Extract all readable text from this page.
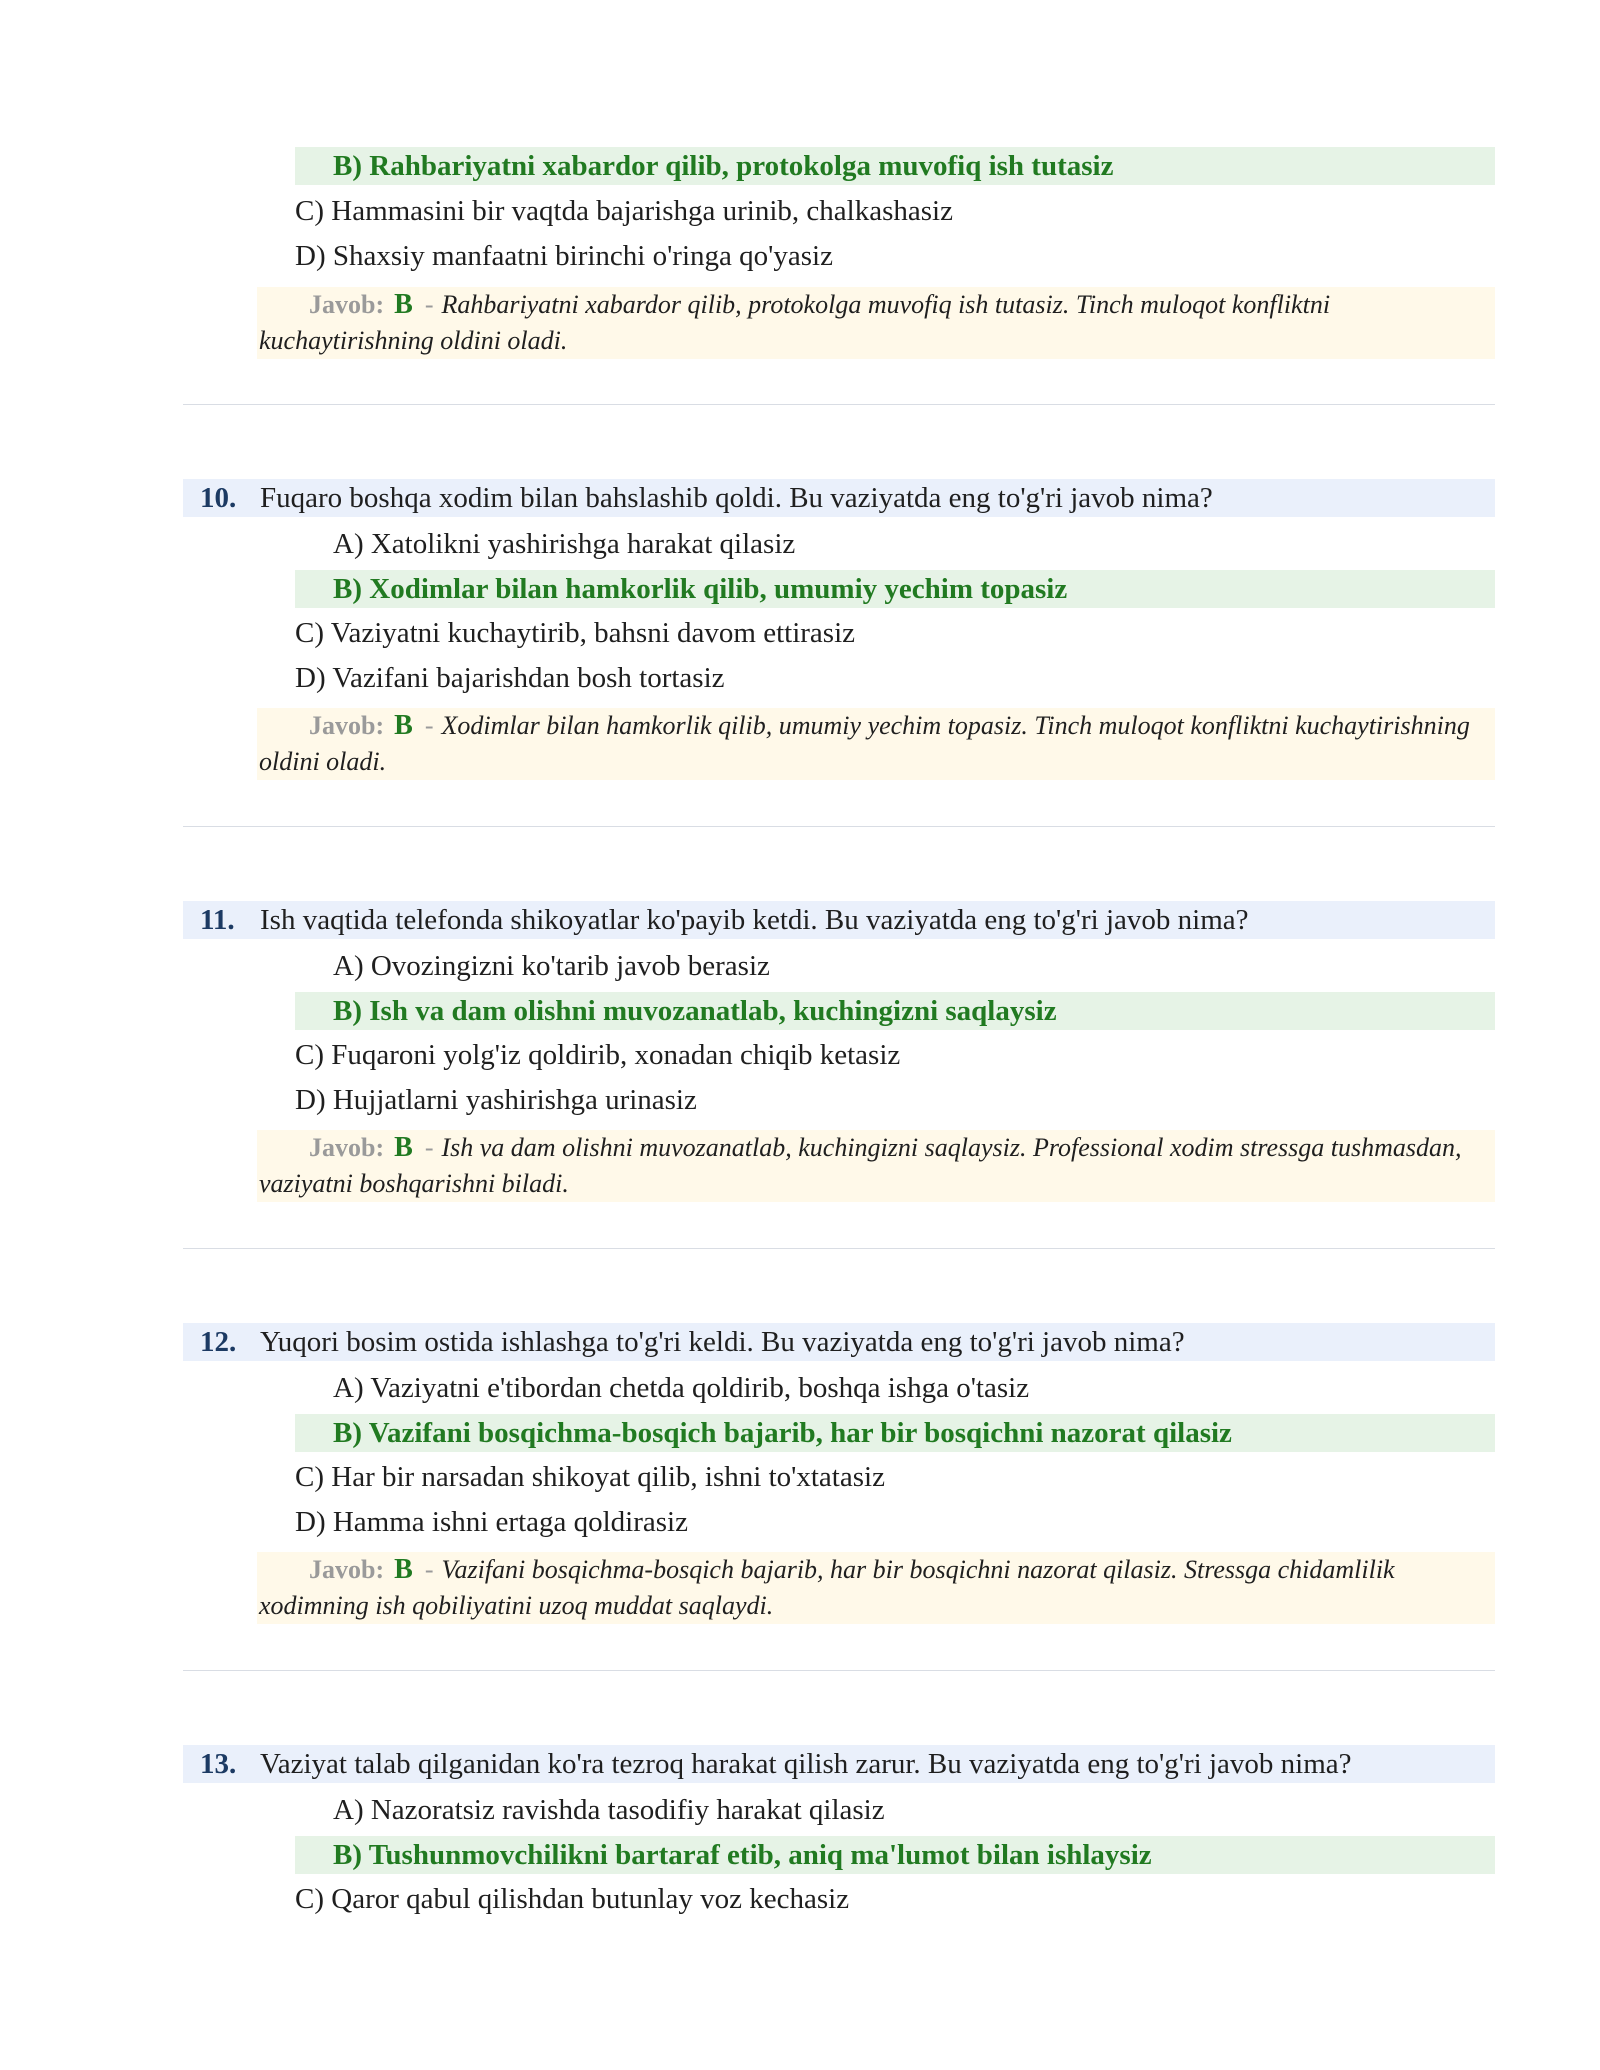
B) Rahbariyatni xabardor qilib, protokolga muvofiq ish tutasiz
C) Hammasini bir vaqtda bajarishga urinib, chalkashasiz
D) Shaxsiy manfaatni birinchi o'ringa qo'yasiz
Javob: B - Rahbariyatni xabardor qilib, protokolga muvofiq ish tutasiz. Tinch muloqot konfliktni kuchaytirishning oldini oladi.
10. Fuqaro boshqa xodim bilan bahslashib qoldi. Bu vaziyatda eng to'g'ri javob nima?
A) Xatolikni yashirishga harakat qilasiz
B) Xodimlar bilan hamkorlik qilib, umumiy yechim topasiz
C) Vaziyatni kuchaytirib, bahsni davom ettirasiz
D) Vazifani bajarishdan bosh tortasiz
Javob: B - Xodimlar bilan hamkorlik qilib, umumiy yechim topasiz. Tinch muloqot konfliktni kuchaytirishning oldini oladi.
11. Ish vaqtida telefonda shikoyatlar ko'payib ketdi. Bu vaziyatda eng to'g'ri javob nima?
A) Ovozingizni ko'tarib javob berasiz
B) Ish va dam olishni muvozanatlab, kuchingizni saqlaysiz
C) Fuqaroni yolg'iz qoldirib, xonadan chiqib ketasiz
D) Hujjatlarni yashirishga urinasiz
Javob: B - Ish va dam olishni muvozanatlab, kuchingizni saqlaysiz. Professional xodim stressga tushmasdan, vaziyatni boshqarishni biladi.
12. Yuqori bosim ostida ishlashga to'g'ri keldi. Bu vaziyatda eng to'g'ri javob nima?
A) Vaziyatni e'tibordan chetda qoldirib, boshqa ishga o'tasiz
B) Vazifani bosqichma-bosqich bajarib, har bir bosqichni nazorat qilasiz
C) Har bir narsadan shikoyat qilib, ishni to'xtatasiz
D) Hamma ishni ertaga qoldirasiz
Javob: B - Vazifani bosqichma-bosqich bajarib, har bir bosqichni nazorat qilasiz. Stressga chidamlilik xodimning ish qobiliyatini uzoq muddat saqlaydi.
13. Vaziyat talab qilganidan ko'ra tezroq harakat qilish zarur. Bu vaziyatda eng to'g'ri javob nima?
A) Nazoratsiz ravishda tasodifiy harakat qilasiz
B) Tushunmovchilikni bartaraf etib, aniq ma'lumot bilan ishlaysiz
C) Qaror qabul qilishdan butunlay voz kechasiz
